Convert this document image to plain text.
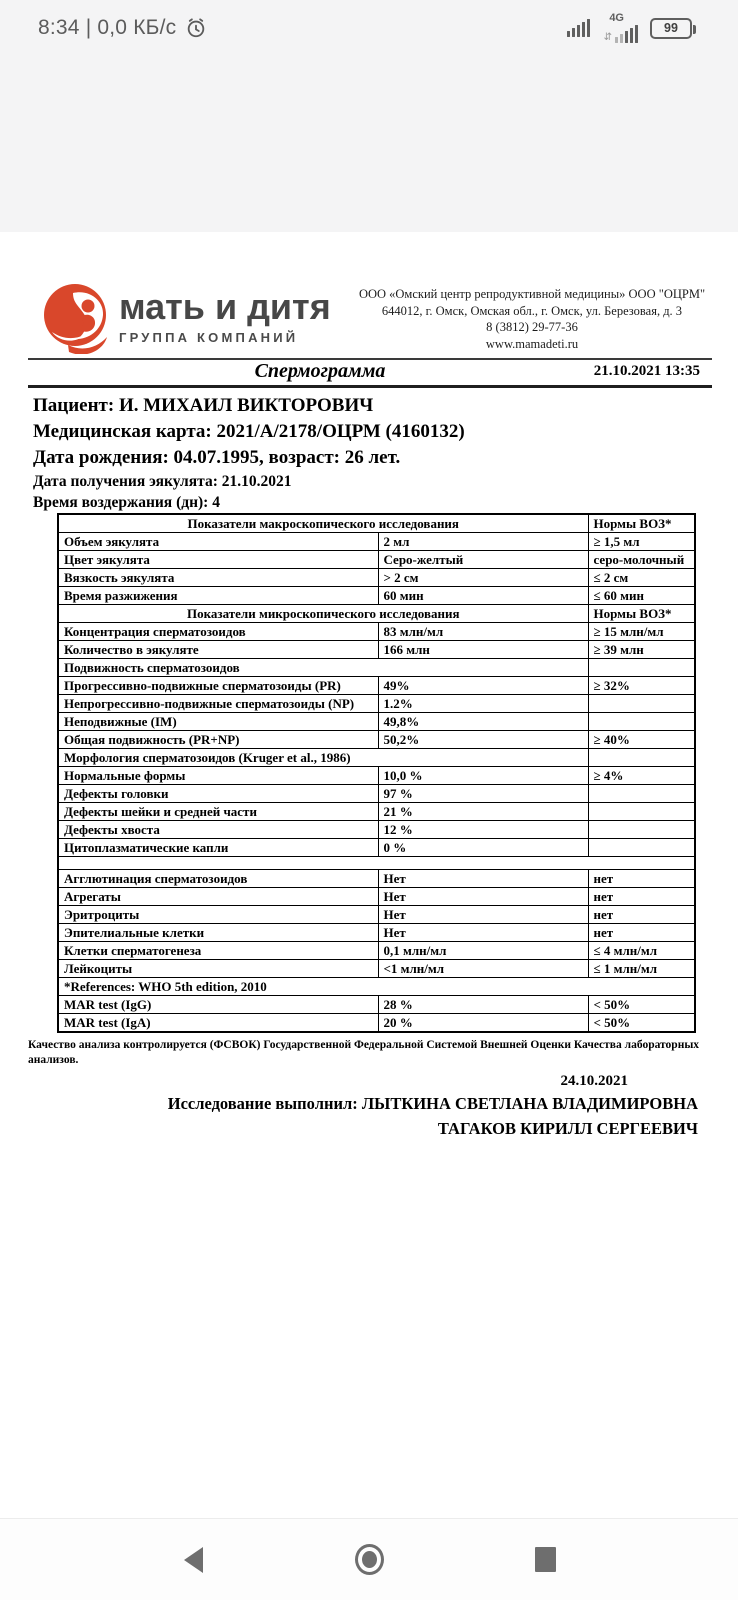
8:34 | 0,0 КБ/с	4G
⇵
99
мать и дитя
ГРУППА КОМПАНИЙ
ООО «Омский центр репродуктивной медицины» ООО "ОЦРМ"
644012, г. Омск, Омская обл., г. Омск, ул. Березовая, д. 3
8 (3812) 29-77-36
www.mamadeti.ru
Спермограмма	21.10.2021 13:35
Пациент: И. МИХАИЛ ВИКТОРОВИЧ
Медицинская карта: 2021/А/2178/ОЦРМ (4160132)
Дата рождения: 04.07.1995, возраст: 26 лет.
Дата получения эякулята: 21.10.2021
Время воздержания (дн): 4
Показатели макроскопического исследования		Нормы ВОЗ*
Объем эякулята	2 мл	≥ 1,5 мл
Цвет эякулята	Серо-желтый	серо-молочный
Вязкость эякулята	> 2 см	≤ 2 см
Время разжижения	60 мин	≤ 60 мин
Показатели микроскопического исследования		Нормы ВОЗ*
Концентрация сперматозоидов	83 млн/мл	≥ 15 млн/мл
Количество в эякуляте	166 млн	≥ 39 млн
Подвижность сперматозоидов		
Прогрессивно-подвижные сперматозоиды (PR)	49%	≥ 32%
Непрогрессивно-подвижные сперматозоиды (NP)	1.2%	
Неподвижные (IM)	49,8%	
Общая подвижность (PR+NP)	50,2%	≥ 40%
Морфология сперматозоидов (Kruger et al., 1986)		
Нормальные формы	10,0 %	≥ 4%
Дефекты головки	97 %	
Дефекты шейки и средней части	21 %	
Дефекты хвоста	12 %	
Цитоплазматические капли	0 %	

Агглютинация сперматозоидов	Нет	нет
Агрегаты	Нет	нет
Эритроциты	Нет	нет
Эпителиальные клетки	Нет	нет
Клетки сперматогенеза	0,1 млн/мл	≤ 4 млн/мл
Лейкоциты	<1 млн/мл	≤ 1 млн/мл
*References: WHO 5th edition, 2010		
MAR test (IgG)	28 %	< 50%
MAR test (IgA)	20 %	< 50%
Качество анализа контролируется (ФСВОК) Государственной Федеральной Системой Внешней Оценки Качества лабораторных анализов.
24.10.2021
Исследование выполнил: ЛЫТКИНА СВЕТЛАНА ВЛАДИМИРОВНА
ТАГАКОВ КИРИЛЛ СЕРГЕЕВИЧ
